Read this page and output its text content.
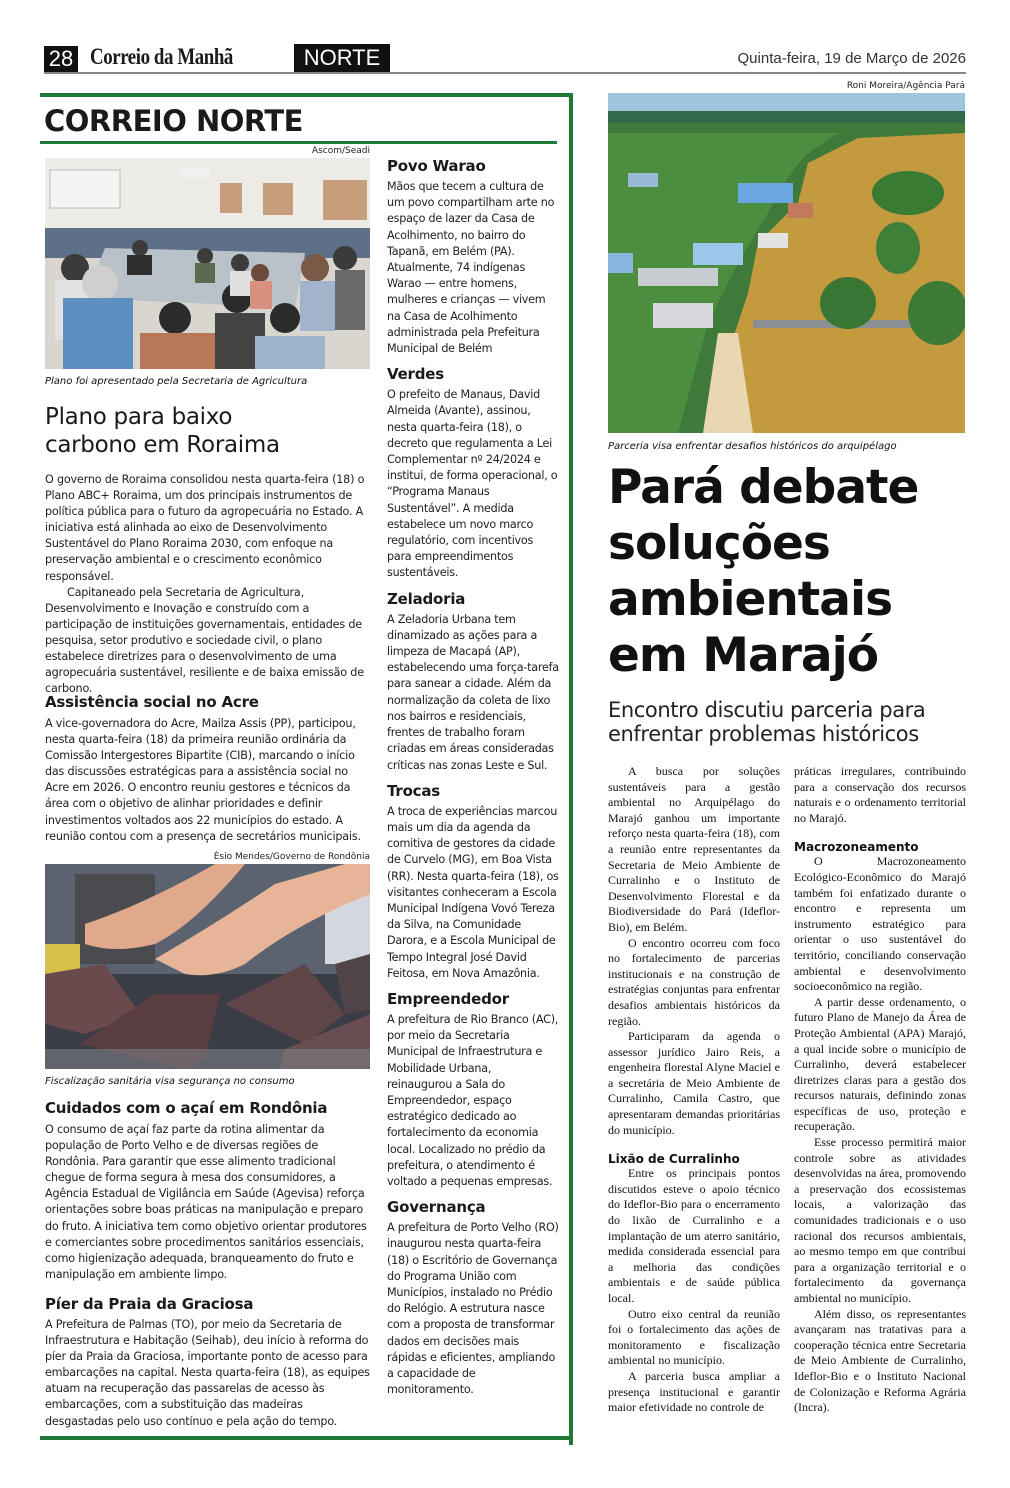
28 Correio da Manhã	NORTE	Quinta-feira, 19 de Março de 2026
CORREIO NORTE
Ascom/Seadi
Plano foi apresentado pela Secretaria de Agricultura
Plano para baixo carbono em Roraima

O governo de Roraima consolidou nesta quarta-feira (18) o Plano ABC+ Roraima, um dos principais instrumentos de política pública para o futuro da agropecuária no Estado. A iniciativa está alinhada ao eixo de Desenvolvimento Sustentável do Plano Roraima 2030, com enfoque na preservação ambiental e o crescimento econômico responsável.

Capitaneado pela Secretaria de Agricultura, Desenvolvimento e Inovação e construído com a participação de instituições governamentais, entidades de pesquisa, setor produtivo e sociedade civil, o plano estabelece diretrizes para o desenvolvimento de uma agropecuária sustentável, resiliente e de baixa emissão de carbono.

Assistência social no Acre
A vice-governadora do Acre, Mailza Assis (PP), participou, nesta quarta-feira (18) da primeira reunião ordinária da Comissão Intergestores Bipartite (CIB), marcando o início das discussões estratégicas para a assistência social no Acre em 2026. O encontro reuniu gestores e técnicos da área com o objetivo de alinhar prioridades e definir investimentos voltados aos 22 municípios do estado. A reunião contou com a presença de secretários municipais.
Ésio Mendes/Governo de Rondônia
Fiscalização sanitária visa segurança no consumo
Cuidados com o açaí em Rondônia
O consumo de açaí faz parte da rotina alimentar da população de Porto Velho e de diversas regiões de Rondônia. Para garantir que esse alimento tradicional chegue de forma segura à mesa dos consumidores, a Agência Estadual de Vigilância em Saúde (Agevisa) reforça orientações sobre boas práticas na manipulação e preparo do fruto. A iniciativa tem como objetivo orientar produtores e comerciantes sobre procedimentos sanitários essenciais, como higienização adequada, branqueamento do fruto e manipulação em ambiente limpo.
Píer da Praia da Graciosa
A Prefeitura de Palmas (TO), por meio da Secretaria de Infraestrutura e Habitação (Seihab), deu início à reforma do píer da Praia da Graciosa, importante ponto de acesso para embarcações na capital. Nesta quarta-feira (18), as equipes atuam na recuperação das passarelas de acesso às embarcações, com a substituição das madeiras desgastadas pelo uso contínuo e pela ação do tempo.
Povo Warao
Mãos que tecem a cultura de um povo compartilham arte no espaço de lazer da Casa de Acolhimento, no bairro do Tapanã, em Belém (PA). Atualmente, 74 indígenas Warao — entre homens, mulheres e crianças — vivem na Casa de Acolhimento administrada pela Prefeitura Municipal de Belém
Verdes
O prefeito de Manaus, David Almeida (Avante), assinou, nesta quarta-feira (18), o decreto que regulamenta a Lei Complementar nº 24/2024 e institui, de forma operacional, o “Programa Manaus Sustentável”. A medida estabelece um novo marco regulatório, com incentivos para empreendimentos sustentáveis.
Zeladoria
A Zeladoria Urbana tem dinamizado as ações para a limpeza de Macapá (AP), estabelecendo uma força-tarefa para sanear a cidade. Além da normalização da coleta de lixo nos bairros e residenciais, frentes de trabalho foram criadas em áreas consideradas críticas nas zonas Leste e Sul.
Trocas
A troca de experiências marcou mais um dia da agenda da comitiva de gestores da cidade de Curvelo (MG), em Boa Vista (RR). Nesta quarta-feira (18), os visitantes conheceram a Escola Municipal Indígena Vovó Tereza da Silva, na Comunidade Darora, e a Escola Municipal de Tempo Integral José David Feitosa, em Nova Amazônia.
Empreendedor
A prefeitura de Rio Branco (AC), por meio da Secretaria Municipal de Infraestrutura e Mobilidade Urbana, reinaugurou a Sala do Empreendedor, espaço estratégico dedicado ao fortalecimento da economia local. Localizado no prédio da prefeitura, o atendimento é voltado a pequenas empresas.
Governança
A prefeitura de Porto Velho (RO) inaugurou nesta quarta-feira (18) o Escritório de Governança do Programa União com Municípios, instalado no Prédio do Relógio. A estrutura nasce com a proposta de transformar dados em decisões mais rápidas e eficientes, ampliando a capacidade de monitoramento.
Roni Moreira/Agência Pará
Parceria visa enfrentar desafios históricos do arquipélago
Pará debate soluções ambientais em Marajó
Encontro discutiu parceria para enfrentar problemas históricos

A busca por soluções sustentáveis para a gestão ambiental no Arquipélago do Marajó ganhou um importante reforço nesta quarta-feira (18), com a reunião entre representantes da Secretaria de Meio Ambiente de Curralinho e o Instituto de Desenvolvimento Florestal e da Biodiversidade do Pará (Ideflor-Bio), em Belém.

O encontro ocorreu com foco no fortalecimento de parcerias institucionais e na construção de estratégias conjuntas para enfrentar desafios ambientais históricos da região.

Participaram da agenda o assessor jurídico Jairo Reis, a engenheira florestal Alyne Maciel e a secretária de Meio Ambiente de Curralinho, Camila Castro, que apresentaram demandas prioritárias do município.

Lixão de Curralinho

Entre os principais pontos discutidos esteve o apoio técnico do Ideflor-Bio para o encerramento do lixão de Curralinho e a implantação de um aterro sanitário, medida considerada essencial para a melhoria das condições ambientais e de saúde pública local.

Outro eixo central da reunião foi o fortalecimento das ações de monitoramento e fiscalização ambiental no município.

A parceria busca ampliar a presença institucional e garantir maior efetividade no controle de

práticas irregulares, contribuindo para a conservação dos recursos naturais e o ordenamento territorial no Marajó.

Macrozoneamento

O Macrozoneamento Ecológico-Econômico do Marajó também foi enfatizado durante o encontro e representa um instrumento estratégico para orientar o uso sustentável do território, conciliando conservação ambiental e desenvolvimento socioeconômico na região.

A partir desse ordenamento, o futuro Plano de Manejo da Área de Proteção Ambiental (APA) Marajó, a qual incide sobre o município de Curralinho, deverá estabelecer diretrizes claras para a gestão dos recursos naturais, definindo zonas específicas de uso, proteção e recuperação.

Esse processo permitirá maior controle sobre as atividades desenvolvidas na área, promovendo a preservação dos ecossistemas locais, a valorização das comunidades tradicionais e o uso racional dos recursos ambientais, ao mesmo tempo em que contribui para a organização territorial e o fortalecimento da governança ambiental no município.

Além disso, os representantes avançaram nas tratativas para a cooperação técnica entre Secretaria de Meio Ambiente de Curralinho, Ideflor-Bio e o Instituto Nacional de Colonização e Reforma Agrária (Incra).
